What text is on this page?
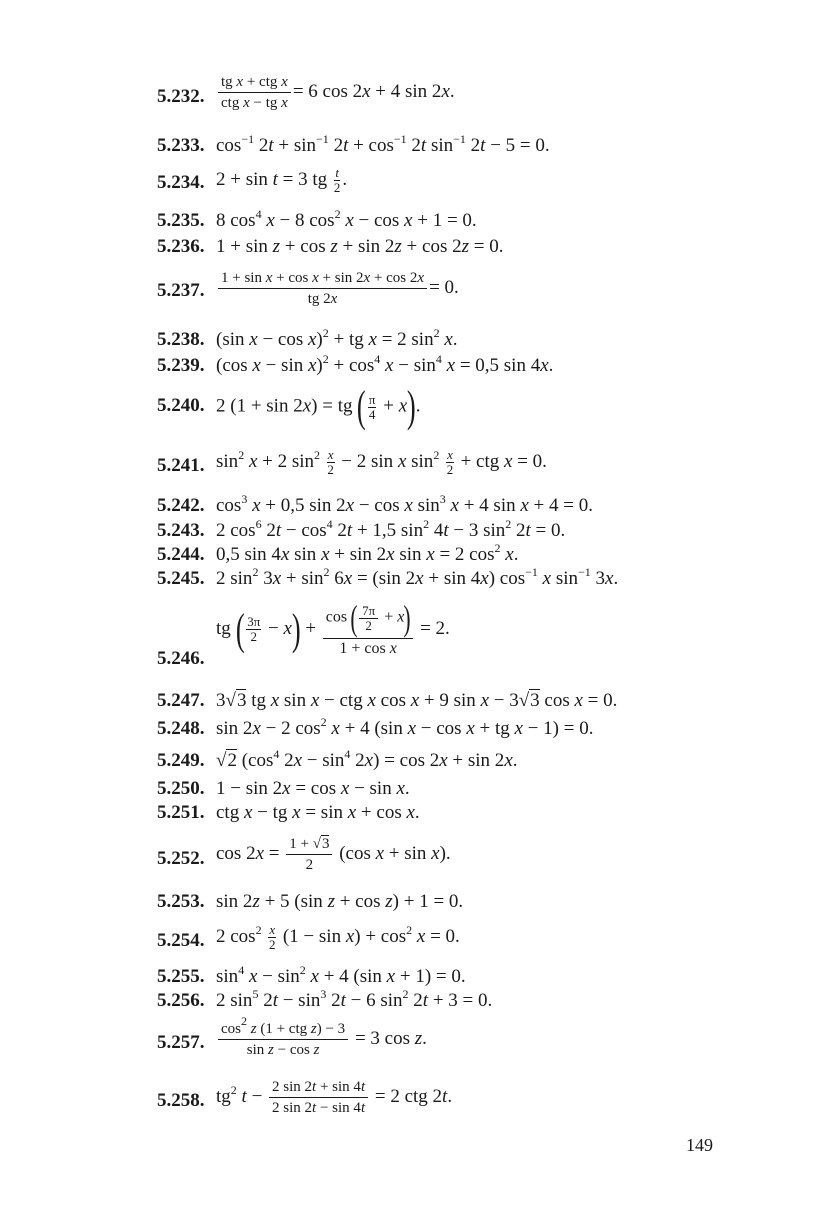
5.232. $\frac{\text{tg x + ctg x}}{\text{ctg x − tg x}} = 6$ cos 2x + 4 sin 2x.
5.233. $\cos^{-1} 2t + \sin^{-1} 2t + \cos^{-1} 2t$ $\sin^{-1} 2t - 5 = 0$.
5.234. 2 + sin t = 3 tg $\frac{t}{2}$ .
5.235. 8 $\cos^4 x - 8$ $\cos^2 x - \cos x + 1 = 0$.
5.236. 1 + sin z + cos z + sin 2z + cos 2z = 0.
5.237. $\frac{\text{1 + sin x + cos x + sin 2x + cos 2x}}{tg 2x} = 0$.
5.238. (sin x − cos x)$^2$ + tg x = 2 $\sin^2 x$.
5.239. (cos $x - \sin x)^2 + \cos^4 x - \sin^4 x = 0,5$ sin 4x.
5.240. 2 (1 + sin 2x) = tg ( $\frac{\pi}{4} + x$).
5.241. $\sin^2 x + 2$ $\sin^2 \frac{x}{2} - 2$ sin x $\sin^2 \frac{x}{2}$ + ctg x = 0.
5.242. $\cos^3 x + 0,5$ sin 2x − cos x $\sin^3 x + 4$ sin x + 4 = 0.
5.243. 2 $\cos^6 2t - \cos^4 2t + 1,5$ $\sin^2 4t - 3$ $\sin^2 2t = 0$.
5.244. 0,5 sin 4x sin x + sin 2x sin x = 2 $\cos^2 x$.
5.245. 2 $\sin^2 3x + \sin^2 6x = (\sin$ 2x + sin 4x) $\cos^{-1} x$ $\sin^{-1} 3x$.
5.246.
tg ( $\frac{3\pi}{2} - x) + \frac{\cos ( \frac{7\pi}{2} + x)}{\text{1 + cos x}} = 2$.
5.247. 3√3 tg x sin x − ctg x cos x + 9 sin x − 3√3 cos x = 0.
5.248. sin 2x − 2 $\cos^2 x + 4$ (sin x − cos x + tg x − 1) = 0.
5.249. √2 ($\cos^4$ $2x - \sin^4 2x) = \cos 2x + \sin 2x$.
5.250. 1 − sin 2x = cos x − sin x.
5.251. ctg x − tg x = sin x + cos x.
5.252. $\cos 2x = \frac{1 + √3}{2} (\cos$ x + sin x).
5.253. sin 2z + 5 (sin z + cos z) + 1 = 0.
5.254. 2 $\cos^2 \frac{x}{2} (1 - \sin x) + \cos^2 x = 0$.
5.255. $\sin^4 x - \sin^2 x + 4$ (sin x + 1) = 0.
5.256. 2 $\sin^5 2t - \sin^3 2t - 6$ $\sin^2 2t + 3 = 0$.
5.257. $\frac{\cos^2 z (1 + ctg z) - 3}{\text{sin z − cos z}} = 3$ cos z.
5.258. $tg^2$ $t - \frac{2 \sin 2t + \sin 4t}{2 \sin 2t - \sin 4t} = 2$ ctg 2t.
149
